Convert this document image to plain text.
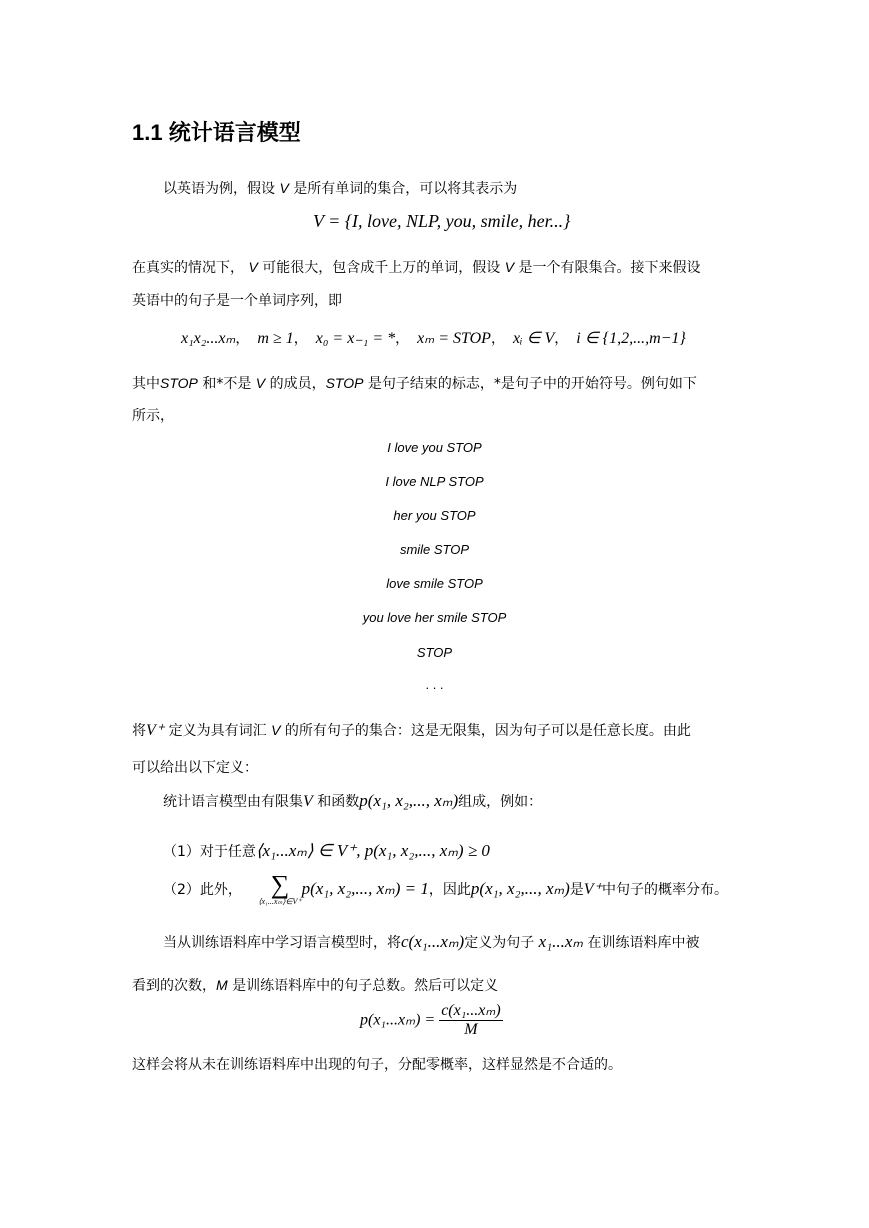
1.1 统计语言模型
以英语为例，假设 V 是所有单词的集合，可以将其表示为
V = {I, love, NLP, you, smile, her...}
在真实的情况下， V 可能很大，包含成千上万的单词，假设 V 是一个有限集合。接下来假设
英语中的句子是一个单词序列，即
x₁x₂...xₘ， m ≥ 1， x₀ = x₋₁ = *， xₘ = STOP， xᵢ ∈ V， i ∈ {1,2,...,m−1}
其中STOP 和*不是 V 的成员，STOP 是句子结束的标志，*是句子中的开始符号。例句如下
所示，
I love you STOP
I love NLP STOP
her you STOP
smile STOP
love smile STOP
you love her smile STOP
STOP
. . .
将V⁺ 定义为具有词汇 V 的所有句子的集合：这是无限集，因为句子可以是任意长度。由此
可以给出以下定义：
统计语言模型由有限集V 和函数p(x₁, x₂,..., xₘ)组成，例如：
（1）对于任意⟨x₁...xₘ⟩ ∈ V⁺, p(x₁, x₂,..., xₘ) ≥ 0
（2）此外，	∑
⟨x₁...xₘ⟩∈V⁺
p(x₁, x₂,..., xₘ) = 1，因此p(x₁, x₂,..., xₘ)是V⁺中句子的概率分布。
当从训练语料库中学习语言模型时，将c(x₁...xₘ)定义为句子 x₁...xₘ 在训练语料库中被
看到的次数，M 是训练语料库中的句子总数。然后可以定义
$p(x_1...x_m) = \frac{\text{c(x₁...xₘ)}}{M}$
这样会将从未在训练语料库中出现的句子，分配零概率，这样显然是不合适的。
